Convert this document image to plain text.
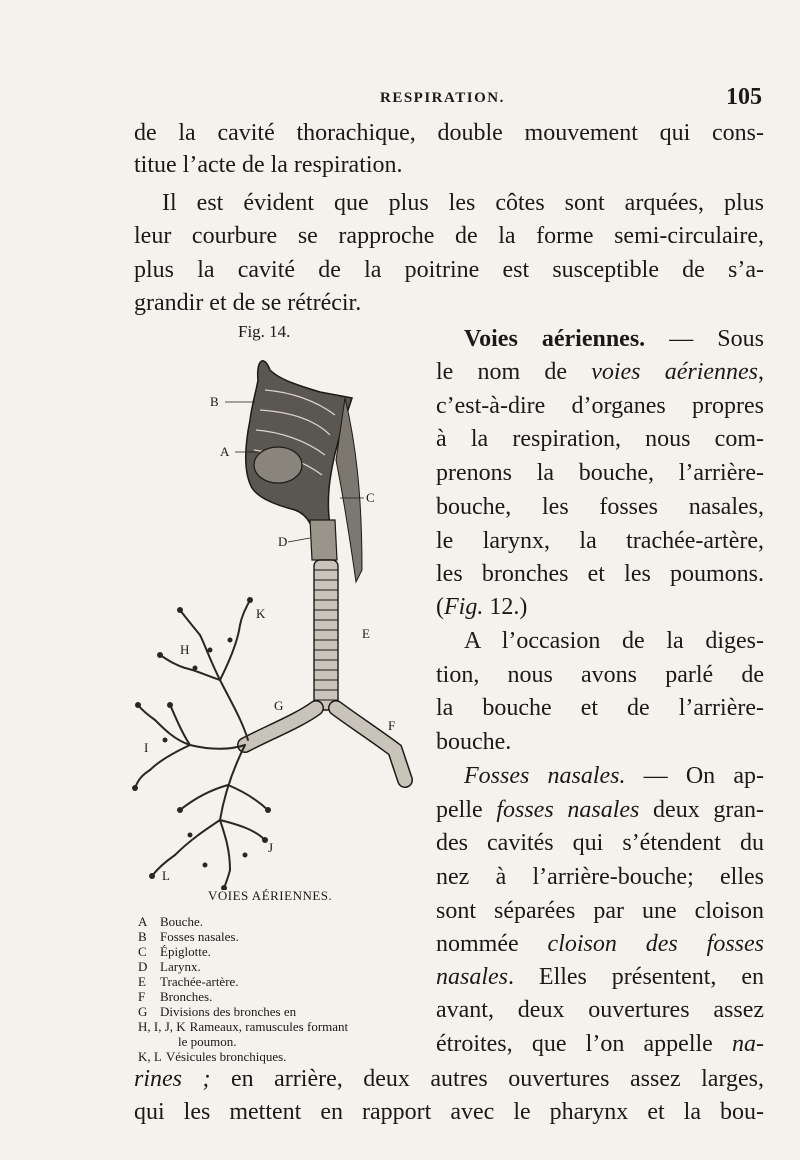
RESPIRATION.	105
de la cavité thorachique, double mouvement qui cons-
titue l’acte de la respiration.
Il est évident que plus les côtes sont arquées, plus
leur courbure se rapproche de la forme semi-circulaire,
plus la cavité de la poitrine est susceptible de s’a-
grandir et de se rétrécir.
Fig. 14.
B
A
C
D
K
E
H
G
F
I
J
L
VOIES AÉRIENNES.
A Bouche.
B	Fosses nasales.
C	Épiglotte.
D Larynx.
E	Trachée-artère.
F	Bronches.
G Divisions des bronches en
H, I, J, K Rameaux, ramuscules formant
le poumon.
K, L Vésicules bronchiques.
Voies aériennes. — Sous
le nom de voies aériennes,
c’est-à-dire d’organes propres
à la respiration, nous com-
prenons la bouche, l’arrière-
bouche, les fosses nasales,
le larynx, la trachée-artère,
les bronches et les poumons.
(Fig. 12.)
A l’occasion de la diges-
tion, nous avons parlé de
la bouche et de l’arrière-
bouche.
Fosses nasales. — On ap-
pelle fosses nasales deux gran-
des cavités qui s’étendent du
nez à l’arrière-bouche; elles
sont séparées par une cloison
nommée cloison des fosses
nasales. Elles présentent, en
avant, deux ouvertures assez
étroites, que l’on appelle na-
rines ; en arrière, deux autres ouvertures assez larges,
qui les mettent en rapport avec le pharynx et la bou-
